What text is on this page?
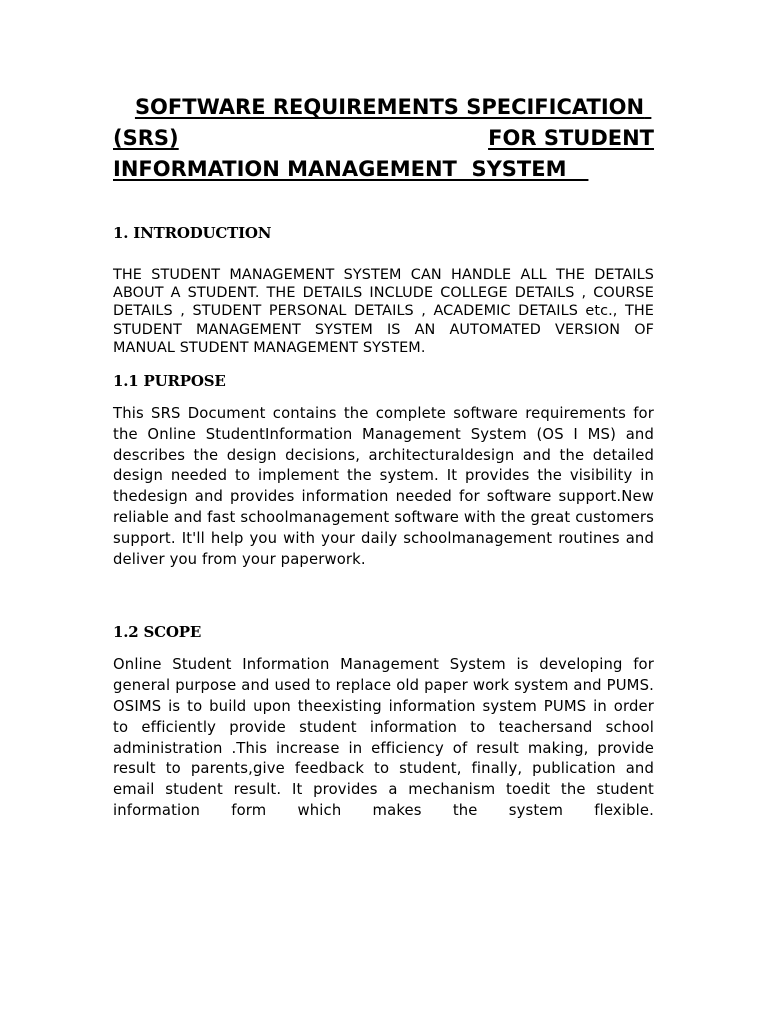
SOFTWARE REQUIREMENTS SPECIFICATION
(SRS)	FOR STUDENT
INFORMATION MANAGEMENT  SYSTEM
1. INTRODUCTION

THE STUDENT MANAGEMENT SYSTEM CAN HANDLE ALL THE DETAILS ABOUT A STUDENT. THE DETAILS INCLUDE COLLEGE DETAILS , COURSE DETAILS , STUDENT PERSONAL DETAILS , ACADEMIC DETAILS etc., THE STUDENT MANAGEMENT SYSTEM IS AN AUTOMATED VERSION OF MANUAL STUDENT MANAGEMENT SYSTEM.

1.1 PURPOSE

This SRS Document contains the complete software requirements for the Online StudentInformation Management System (OS I MS) and describes the design decisions, architecturaldesign and the detailed design needed to implement the system. It provides the visibility in thedesign and provides information needed for software support.New reliable and fast schoolmanagement software with the great customers support. It'll help you with your daily schoolmanagement routines and deliver you from your paperwork.

1.2 SCOPE

Online Student Information Management System is developing for general purpose and used to replace old paper work system and PUMS. OSIMS is to build upon theexisting information system PUMS in order to efficiently provide student information to teachersand school administration .This increase in efficiency of result making, provide result to parents,give feedback to student, finally, publication and email student result. It provides a mechanism toedit the student information form which makes the system flexible.
